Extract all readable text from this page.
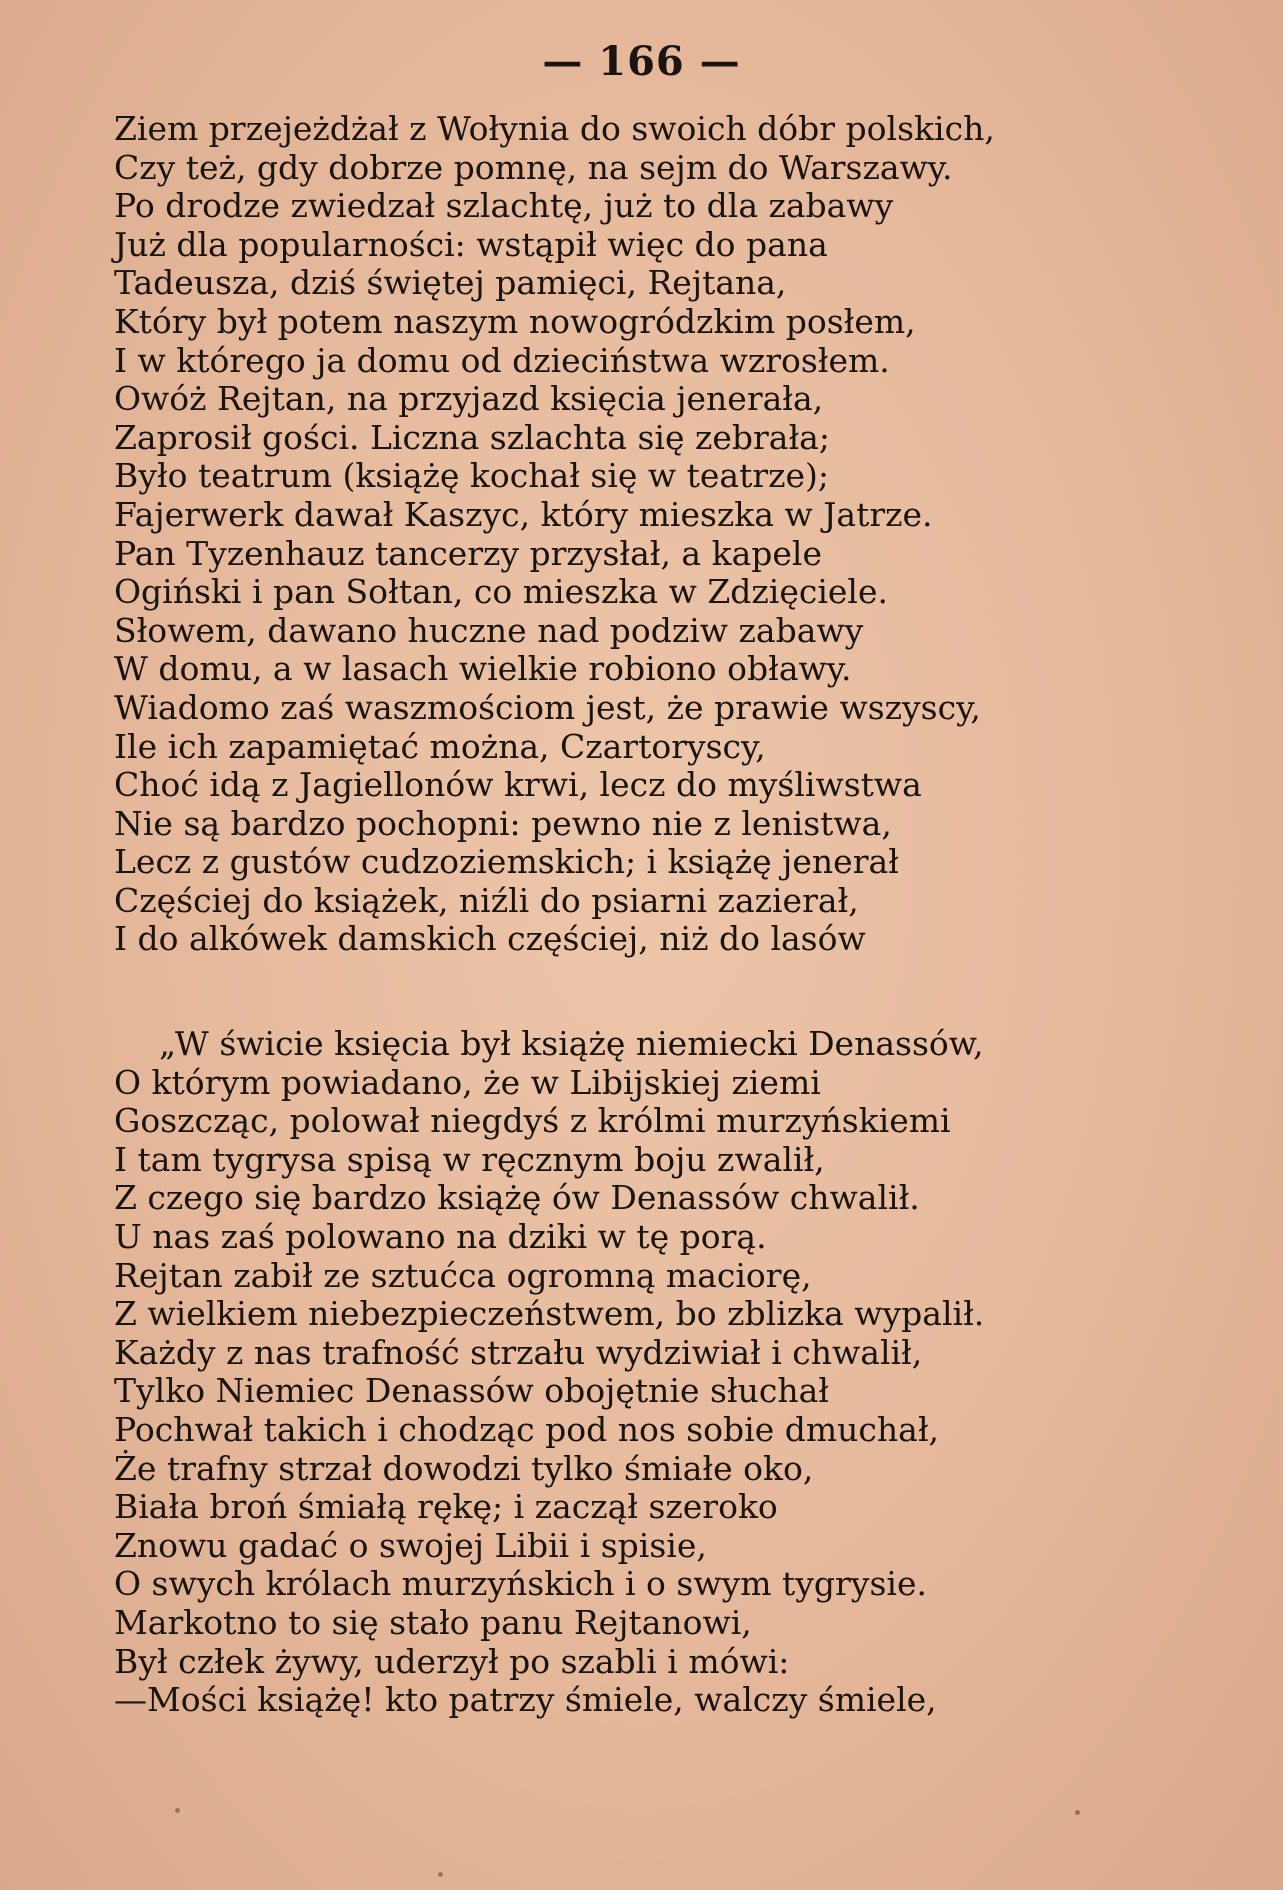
— 166 —
Ziem przejeżdżał z Wołynia do swoich dóbr polskich,
Czy też, gdy dobrze pomnę, na sejm do Warszawy.
Po drodze zwiedzał szlachtę, już to dla zabawy
Już dla popularności: wstąpił więc do pana
Tadeusza, dziś świętej pamięci, Rejtana,
Który był potem naszym nowogródzkim posłem,
I w którego ja domu od dzieciństwa wzrosłem.
Owóż Rejtan, na przyjazd księcia jenerała,
Zaprosił gości. Liczna szlachta się zebrała;
Było teatrum (książę kochał się w teatrze);
Fajerwerk dawał Kaszyc, który mieszka w Jatrze.
Pan Tyzenhauz tancerzy przysłał, a kapele
Ogiński i pan Sołtan, co mieszka w Zdzięciele.
Słowem, dawano huczne nad podziw zabawy
W domu, a w lasach wielkie robiono obławy.
Wiadomo zaś waszmościom jest, że prawie wszyscy,
Ile ich zapamiętać można, Czartoryscy,
Choć idą z Jagiellonów krwi, lecz do myśliwstwa
Nie są bardzo pochopni: pewno nie z lenistwa,
Lecz z gustów cudzoziemskich; i książę jenerał
Częściej do książek, niźli do psiarni zazierał,
I do alkówek damskich częściej, niż do lasów
„W świcie księcia był książę niemiecki Denassów,
O którym powiadano, że w Libijskiej ziemi
Goszcząc, polował niegdyś z królmi murzyńskiemi
I tam tygrysa spisą w ręcznym boju zwalił,
Z czego się bardzo książę ów Denassów chwalił.
U nas zaś polowano na dziki w tę porą.
Rejtan zabił ze sztućca ogromną maciorę,
Z wielkiem niebezpieczeństwem, bo zblizka wypalił.
Każdy z nas trafność strzału wydziwiał i chwalił,
Tylko Niemiec Denassów obojętnie słuchał
Pochwał takich i chodząc pod nos sobie dmuchał,
Że trafny strzał dowodzi tylko śmiałe oko,
Biała broń śmiałą rękę; i zaczął szeroko
Znowu gadać o swojej Libii i spisie,
O swych królach murzyńskich i o swym tygrysie.
Markotno to się stało panu Rejtanowi,
Był człek żywy, uderzył po szabli i mówi:
—Mości książę! kto patrzy śmiele, walczy śmiele,
